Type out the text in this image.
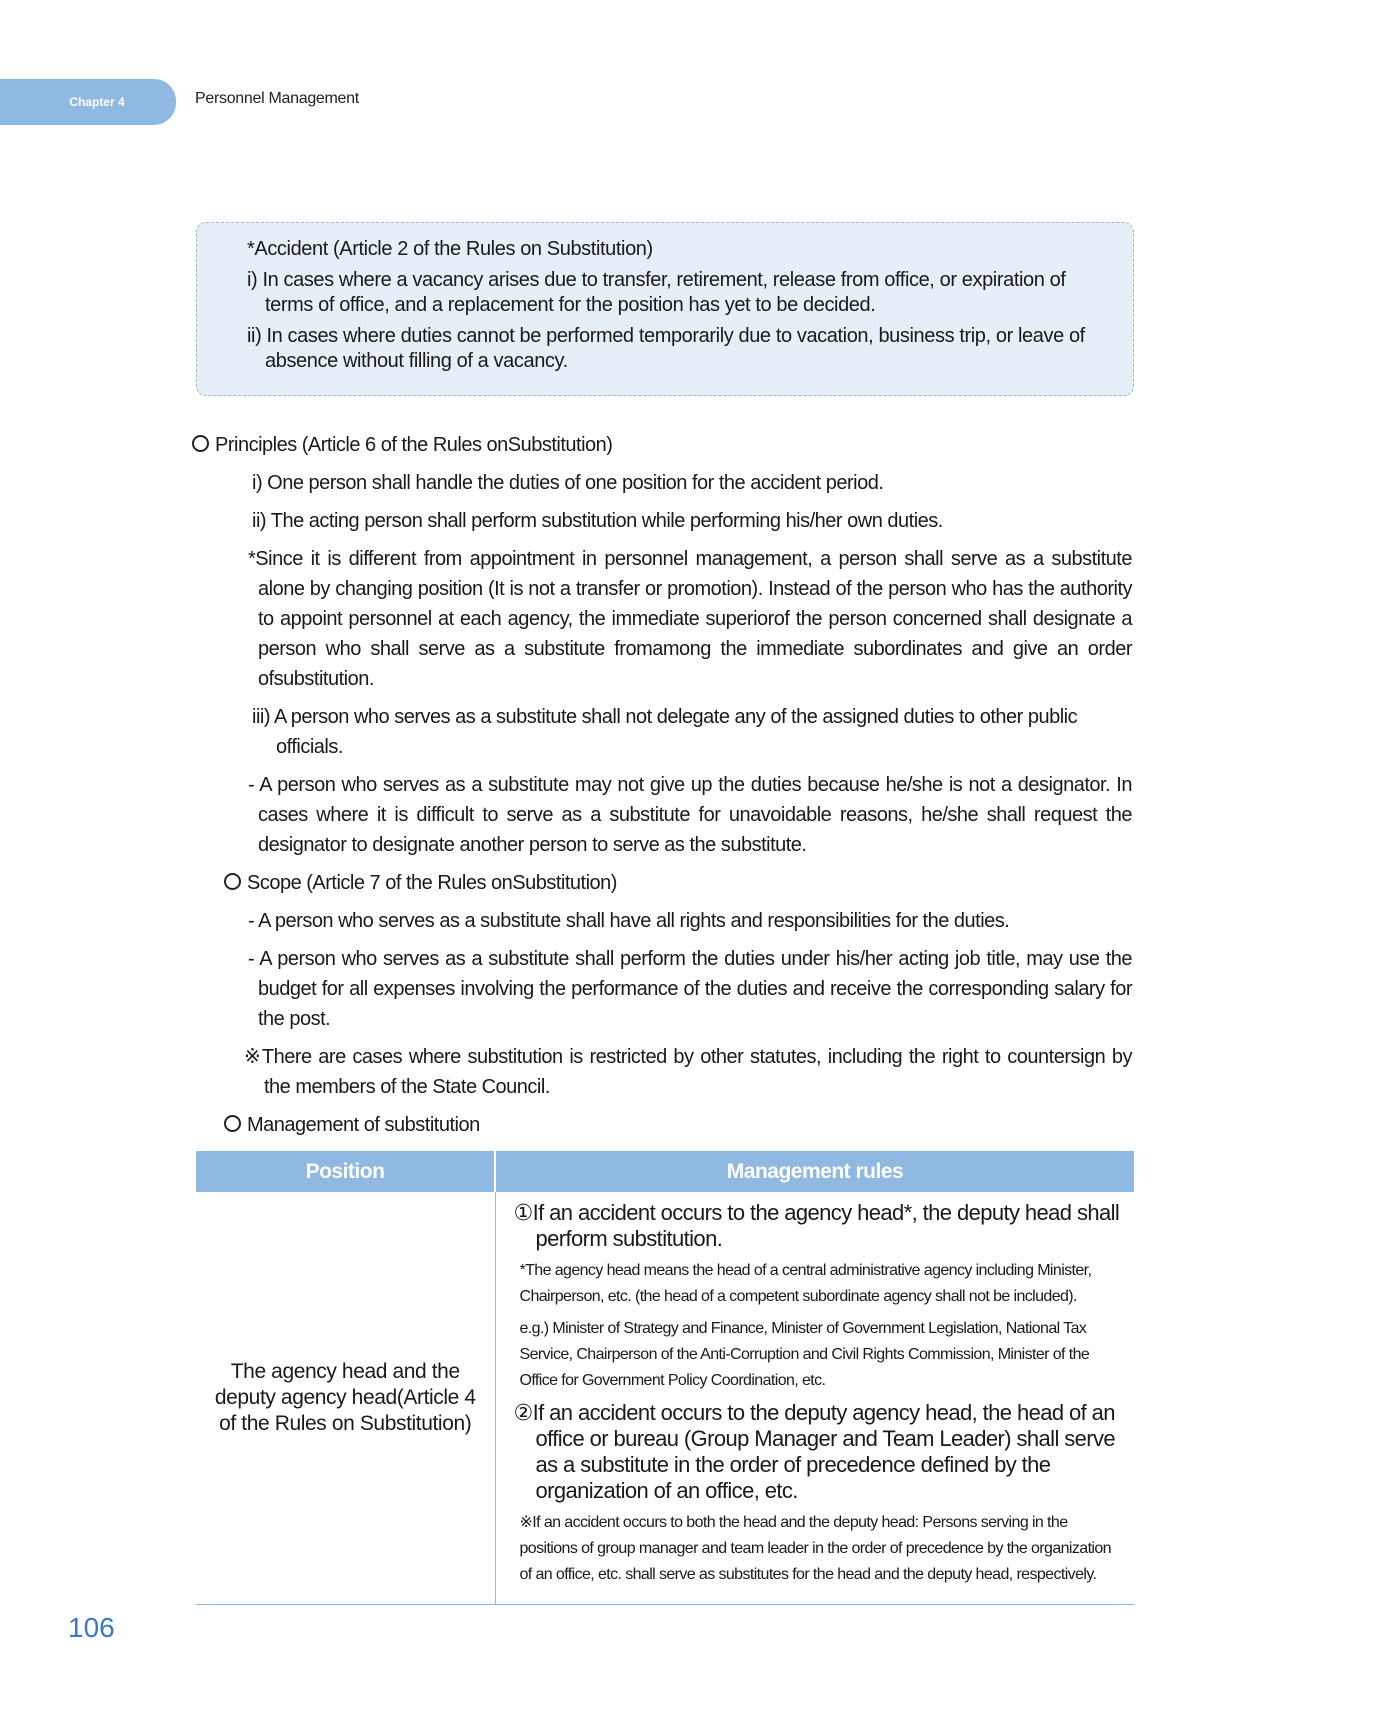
Chapter 4	Personnel Management
*Accident (Article 2 of the Rules on Substitution)
i) In cases where a vacancy arises due to transfer, retirement, release from office, or expiration of terms of office, and a replacement for the position has yet to be decided.
ii) In cases where duties cannot be performed temporarily due to vacation, business trip, or leave of absence without filling of a vacancy.

Principles (Article 6 of the Rules onSubstitution)

i) One person shall handle the duties of one position for the accident period.

ii) The acting person shall perform substitution while performing his/her own duties.

*Since it is different from appointment in personnel management, a person shall serve as a substitute alone by changing position (It is not a transfer or promotion). Instead of the person who has the authority to appoint personnel at each agency, the immediate superiorof the person concerned shall designate a person who shall serve as a substitute fromamong the immediate subordinates and give an order ofsubstitution.

iii) A person who serves as a substitute shall not delegate any of the assigned duties to other public officials.

- A person who serves as a substitute may not give up the duties because he/she is not a designator. In cases where it is difficult to serve as a substitute for unavoidable reasons, he/she shall request the designator to designate another person to serve as the substitute.

Scope (Article 7 of the Rules onSubstitution)

- A person who serves as a substitute shall have all rights and responsibilities for the duties.

- A person who serves as a substitute shall perform the duties under his/her acting job title, may use the budget for all expenses involving the performance of the duties and receive the corresponding salary for the post.

※There are cases where substitution is restricted by other statutes, including the right to countersign by the members of the State Council.

Management of substitution

Position	Management rules
The agency head and the deputy agency head(Article 4 of the Rules on Substitution)	①If an accident occurs to the agency head*, the deputy head shall perform substitution.

*The agency head means the head of a central administrative agency including Minister, Chairperson, etc. (the head of a competent subordinate agency shall not be included).

e.g.) Minister of Strategy and Finance, Minister of Government Legislation, National Tax Service, Chairperson of the Anti-Corruption and Civil Rights Commission, Minister of the Office for Government Policy Coordination, etc.

②If an accident occurs to the deputy agency head, the head of an office or bureau (Group Manager and Team Leader) shall serve as a substitute in the order of precedence defined by the organization of an office, etc.

※If an accident occurs to both the head and the deputy head: Persons serving in the positions of group manager and team leader in the order of precedence by the organization of an office, etc. shall serve as substitutes for the head and the deputy head, respectively.

106
